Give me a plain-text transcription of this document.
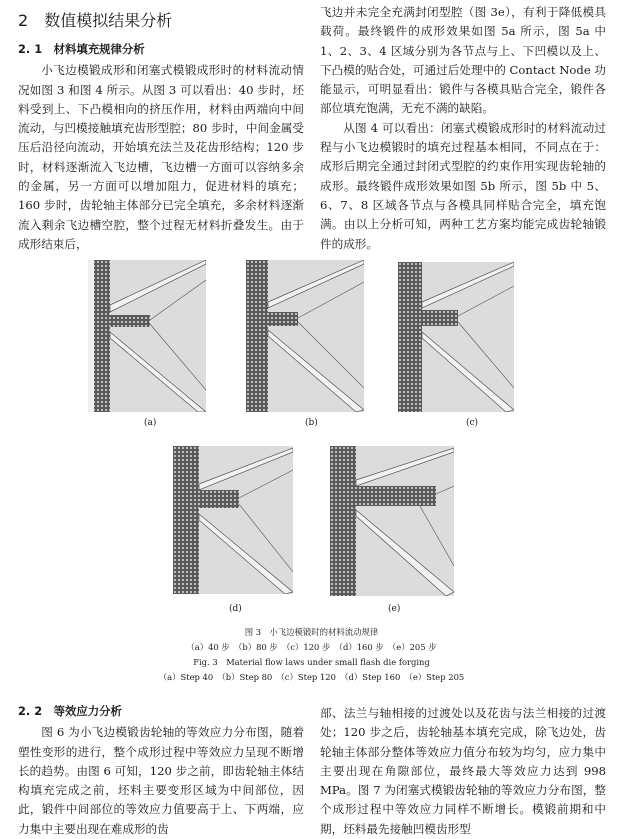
2　 数值模拟结果分析
2. 1　 材料填充规律分析

小飞边模锻成形和闭塞式模锻成形时的材料流动情况如图 3 和图 4 所示。从图 3 可以看出：40 步时，坯料受到上、下凸模相向的挤压作用，材料由两端向中间流动，与凹模接触填充齿形型腔；80 步时，中间金属受压后沿径向流动，开始填充法兰及花齿形结构；120 步时，材料逐渐流入飞边槽，飞边槽一方面可以容纳多余的金属，另一方面可以增加阻力，促进材料的填充；160 步时，齿轮轴主体部分已完全填充，多余材料逐渐流入剩余飞边槽空腔，整个过程无材料折叠发生。由于成形结束后，

飞边并未完全充满封闭型腔（图 3e），有利于降低模具载荷。最终锻件的成形效果如图 5a 所示，图 5a 中 1、2、3、4 区域分别为各节点与上、下凹模以及上、下凸模的贴合处，可通过后处理中的 Contact Node 功能显示，可明显看出：锻件与各模具贴合完全，锻件各部位填充饱满，无充不满的缺陷。

从图 4 可以看出：闭塞式模锻成形时的材料流动过程与小飞边模锻时的填充过程基本相同，不同点在于：成形后期完全通过封闭式型腔的约束作用实现齿轮轴的成形。最终锻件成形效果如图 5b 所示，图 5b 中 5、6、7、8 区域各节点与各模具同样贴合完全，填充饱满。由以上分析可知，两种工艺方案均能完成齿轮轴锻件的成形。

(a)	(b)	(c)
(d)	(e)
图 3　小飞边模锻时的材料流动规律
（a）40 步　（b）80 步　（c）120 步　（d）160 步　（e）205 步
Fig. 3　Material flow laws under small flash die forging
（a）Step 40　（b）Step 80　（c）Step 120　（d）Step 160　（e）Step 205
2. 2　 等效应力分析

图 6 为小飞边模锻齿轮轴的等效应力分布图，随着塑性变形的进行，整个成形过程中等效应力呈现不断增长的趋势。由图 6 可知，120 步之前，即齿轮轴主体结构填充完成之前，坯料主要变形区域为中间部位，因此，锻件中间部位的等效应力值要高于上、下两端，应力集中主要出现在难成形的齿

部、法兰与轴相接的过渡处以及花齿与法兰相接的过渡处；120 步之后，齿轮轴基本填充完成，除飞边处，齿轮轴主体部分整体等效应力值分布较为均匀，应力集中主要出现在角隙部位，最终最大等效应力达到 998 MPa。图 7 为闭塞式模锻齿轮轴的等效应力分布图，整个成形过程中等效应力同样不断增长。模锻前期和中期，坯料最先接触凹模齿形型
